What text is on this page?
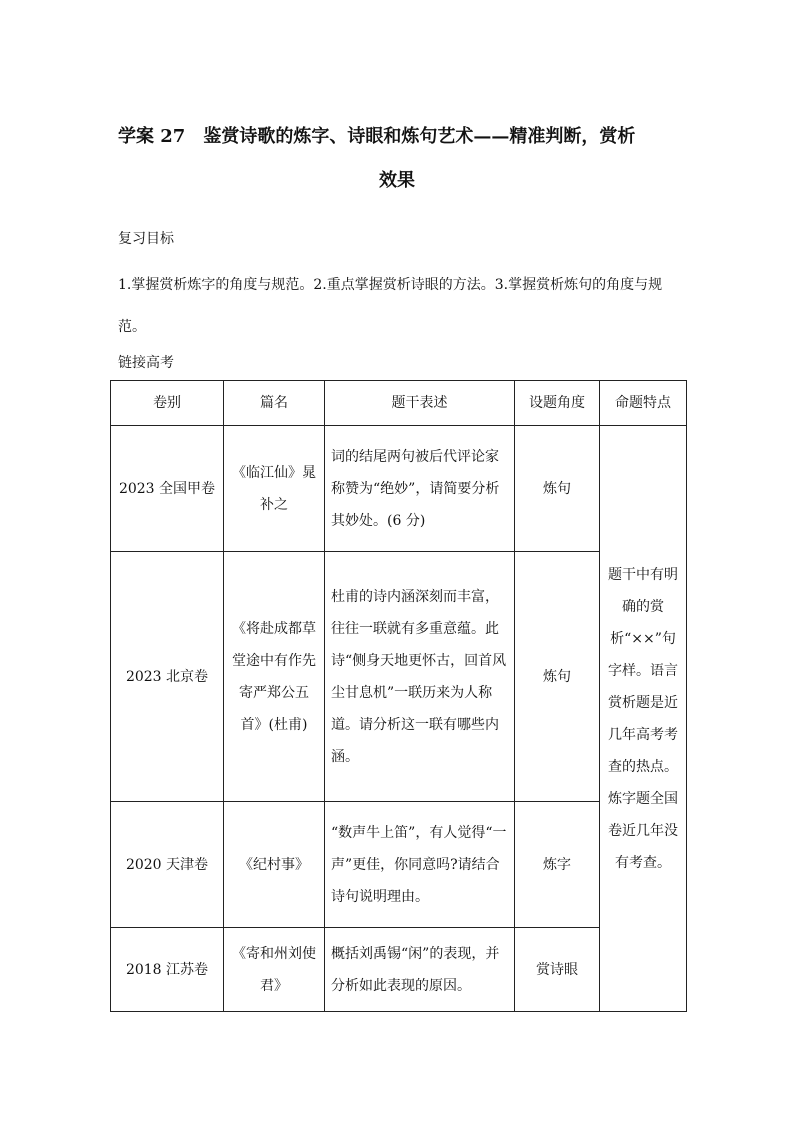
学案 27　鉴赏诗歌的炼字、诗眼和炼句艺术——精准判断，赏析
效果
复习目标
1.掌握赏析炼字的角度与规范。2.重点掌握赏析诗眼的方法。3.掌握赏析炼句的角度与规范。
链接高考
卷别	篇名	题干表述	设题角度	命题特点
2023 全国甲卷	《临江仙》晁补之	词的结尾两句被后代评论家称赞为“绝妙”，请简要分析其妙处。(6 分)	炼句	题干中有明确的赏析“××”句字样。语言赏析题是近几年高考考查的热点。炼字题全国卷近几年没有考查。
2023 北京卷	《将赴成都草堂途中有作先寄严郑公五首》(杜甫)	杜甫的诗内涵深刻而丰富，往往一联就有多重意蕴。此诗“侧身天地更怀古，回首风尘甘息机”一联历来为人称道。请分析这一联有哪些内涵。	炼句	
2020 天津卷	《纪村事》	“数声牛上笛”，有人觉得“一声”更佳，你同意吗?请结合诗句说明理由。	炼字	
2018 江苏卷	《寄和州刘使君》	概括刘禹锡“闲”的表现，并分析如此表现的原因。	赏诗眼	
